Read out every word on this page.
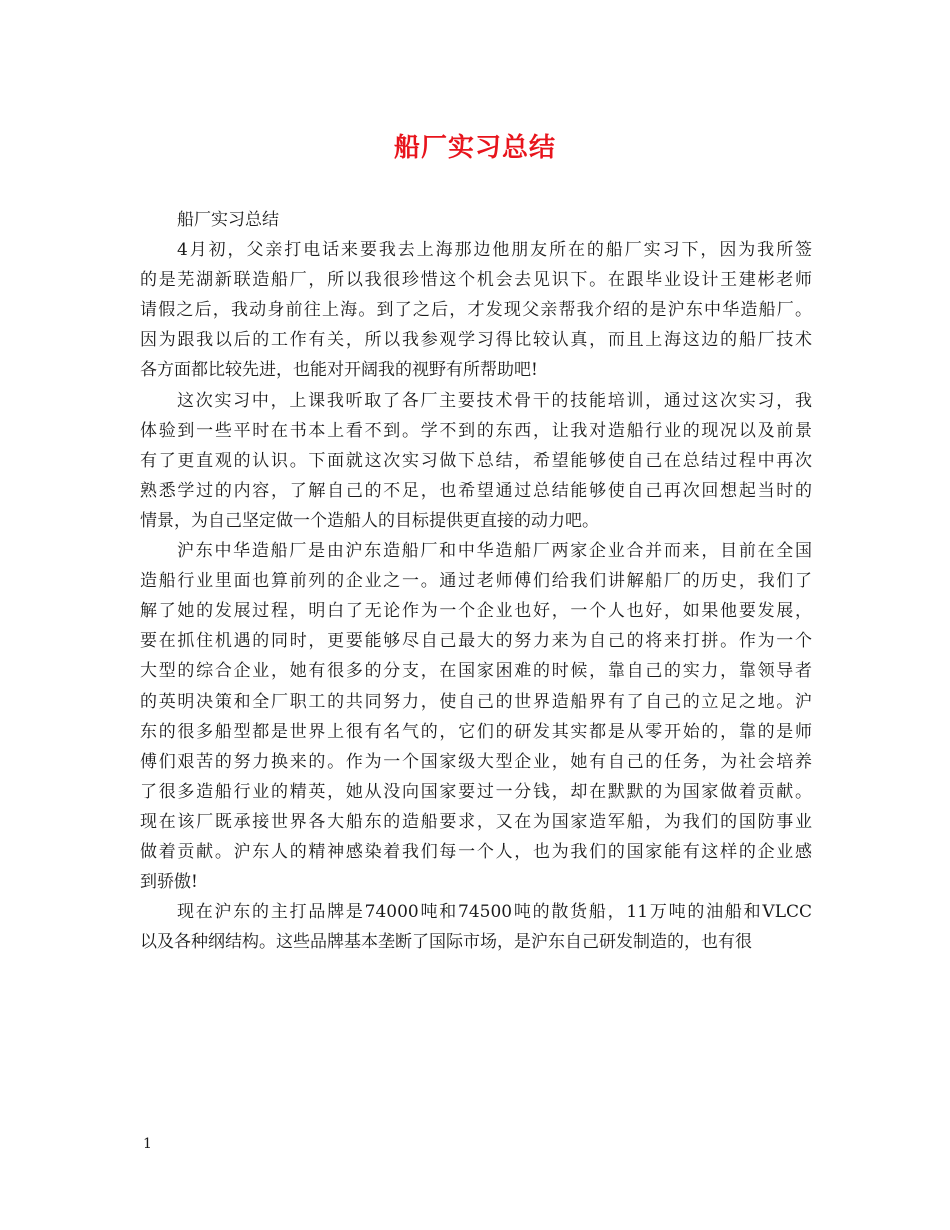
船厂实习总结
船厂实习总结
4月初，父亲打电话来要我去上海那边他朋友所在的船厂实习下，因为我所签
的是芜湖新联造船厂，所以我很珍惜这个机会去见识下。在跟毕业设计王建彬老师
请假之后，我动身前往上海。到了之后，才发现父亲帮我介绍的是沪东中华造船厂。
因为跟我以后的工作有关，所以我参观学习得比较认真，而且上海这边的船厂技术
各方面都比较先进，也能对开阔我的视野有所帮助吧!
这次实习中，上课我听取了各厂主要技术骨干的技能培训，通过这次实习，我
体验到一些平时在书本上看不到。学不到的东西，让我对造船行业的现况以及前景
有了更直观的认识。下面就这次实习做下总结，希望能够使自己在总结过程中再次
熟悉学过的内容，了解自己的不足，也希望通过总结能够使自己再次回想起当时的
情景，为自己坚定做一个造船人的目标提供更直接的动力吧。
沪东中华造船厂是由沪东造船厂和中华造船厂两家企业合并而来，目前在全国
造船行业里面也算前列的企业之一。通过老师傅们给我们讲解船厂的历史，我们了
解了她的发展过程，明白了无论作为一个企业也好，一个人也好，如果他要发展，
要在抓住机遇的同时，更要能够尽自己最大的努力来为自己的将来打拼。作为一个
大型的综合企业，她有很多的分支，在国家困难的时候，靠自己的实力，靠领导者
的英明决策和全厂职工的共同努力，使自己的世界造船界有了自己的立足之地。沪
东的很多船型都是世界上很有名气的，它们的研发其实都是从零开始的，靠的是师
傅们艰苦的努力换来的。作为一个国家级大型企业，她有自己的任务，为社会培养
了很多造船行业的精英，她从没向国家要过一分钱，却在默默的为国家做着贡献。
现在该厂既承接世界各大船东的造船要求，又在为国家造军船，为我们的国防事业
做着贡献。沪东人的精神感染着我们每一个人，也为我们的国家能有这样的企业感
到骄傲!
现在沪东的主打品牌是74000吨和74500吨的散货船，11万吨的油船和VLCC
以及各种纲结构。这些品牌基本垄断了国际市场，是沪东自己研发制造的，也有很
1
